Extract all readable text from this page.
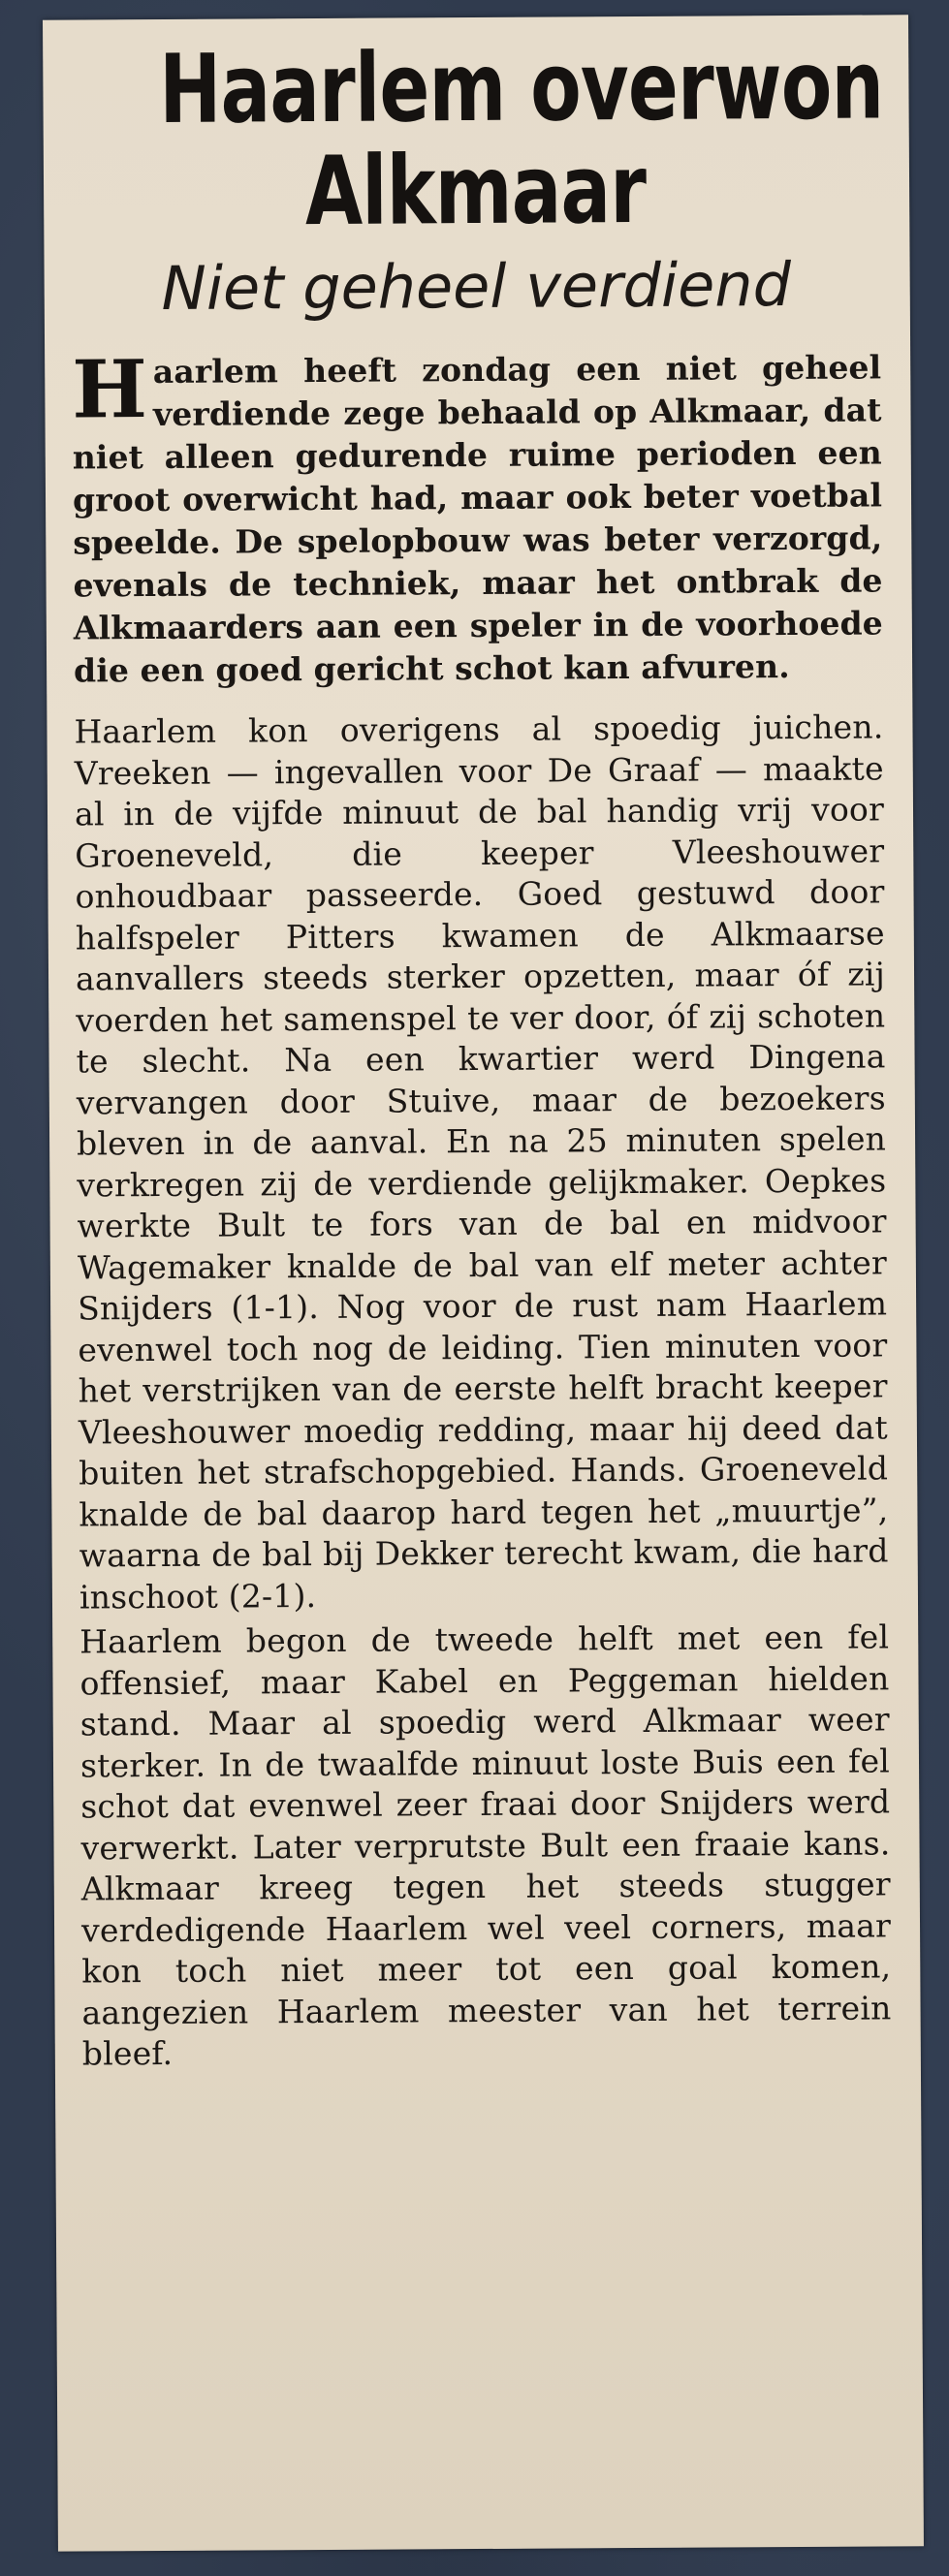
Haarlem overwon
Alkmaar
Niet geheel verdiend

Haarlem heeft zondag een niet geheel verdiende zege behaald op Alkmaar, dat niet alleen gedurende ruime perioden een groot overwicht had, maar ook beter voetbal speelde. De spelopbouw was beter verzorgd, evenals de techniek, maar het ontbrak de Alkmaarders aan een speler in de voorhoede die een goed gericht schot kan afvuren.

Haarlem kon overigens al spoedig juichen. Vreeken — ingevallen voor De Graaf — maakte al in de vijfde minuut de bal handig vrij voor Groeneveld, die keeper Vleeshouwer onhoudbaar passeerde. Goed gestuwd door halfspeler Pitters kwamen de Alkmaarse aanvallers steeds sterker opzetten, maar óf zij voerden het samenspel te ver door, óf zij schoten te slecht. Na een kwartier werd Dingena vervangen door Stuive, maar de bezoekers bleven in de aanval. En na 25 minuten spelen verkregen zij de verdiende gelijkmaker. Oepkes werkte Bult te fors van de bal en midvoor Wagemaker knalde de bal van elf meter achter Snijders (1-1). Nog voor de rust nam Haarlem evenwel toch nog de leiding. Tien minuten voor het verstrijken van de eerste helft bracht keeper Vleeshouwer moedig redding, maar hij deed dat buiten het strafschopgebied. Hands. Groeneveld knalde de bal daarop hard tegen het „muurtje”, waarna de bal bij Dekker terecht kwam, die hard inschoot (2-1).

Haarlem begon de tweede helft met een fel offensief, maar Kabel en Peggeman hielden stand. Maar al spoedig werd Alkmaar weer sterker. In de twaalfde minuut loste Buis een fel schot dat evenwel zeer fraai door Snijders werd verwerkt. Later verprutste Bult een fraaie kans. Alkmaar kreeg tegen het steeds stugger verdedigende Haarlem wel veel corners, maar kon toch niet meer tot een goal komen, aangezien Haarlem meester van het terrein bleef.
